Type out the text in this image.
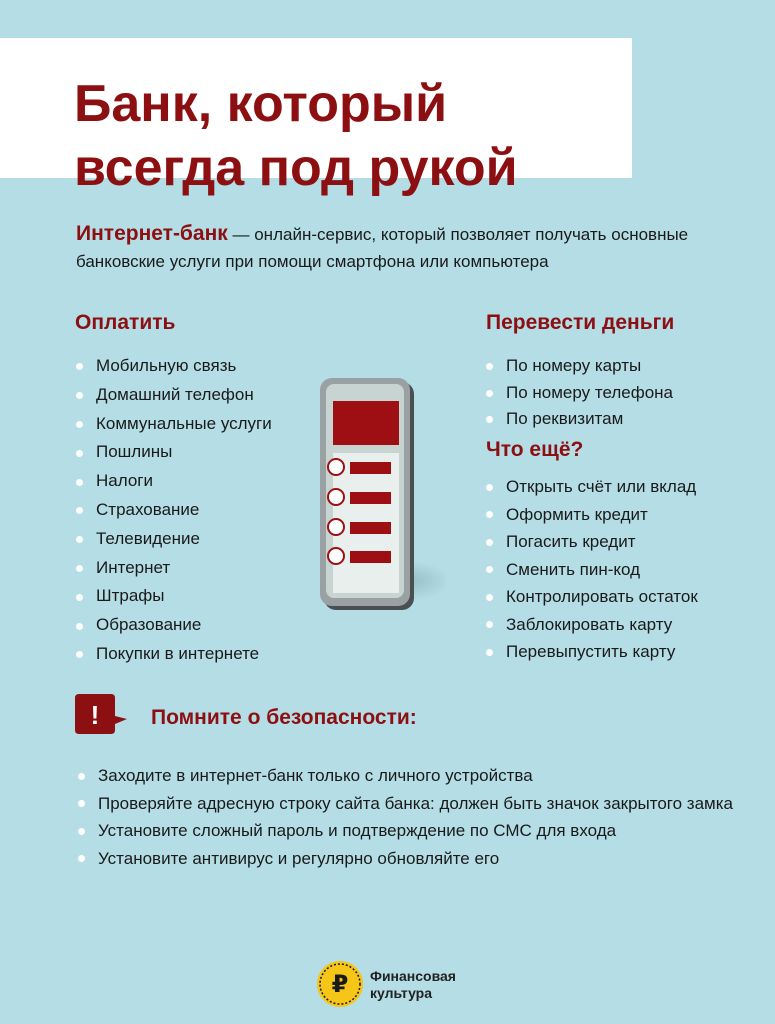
Банк, который
всегда под рукой
Интернет-банк — онлайн-сервис, который позволяет получать основные банковские услуги при помощи смартфона или компьютера
Оплатить
Мобильную связь
Домашний телефон
Коммунальные услуги
Пошлины
Налоги
Страхование
Телевидение
Интернет
Штрафы
Образование
Покупки в интернете
Перевести деньги
По номеру карты
По номеру телефона
По реквизитам
Что ещё?
Открыть счёт или вклад
Оформить кредит
Погасить кредит
Сменить пин-код
Контролировать остаток
Заблокировать карту
Перевыпустить карту
! Помните о безопасности:
Заходите в интернет-банк только с личного устройства
Проверяйте адресную строку сайта банка: должен быть значок закрытого замка
Установите сложный пароль и подтверждение по СМС для входа
Установите антивирус и регулярно обновляйте его
₽ Финансовая
культура
